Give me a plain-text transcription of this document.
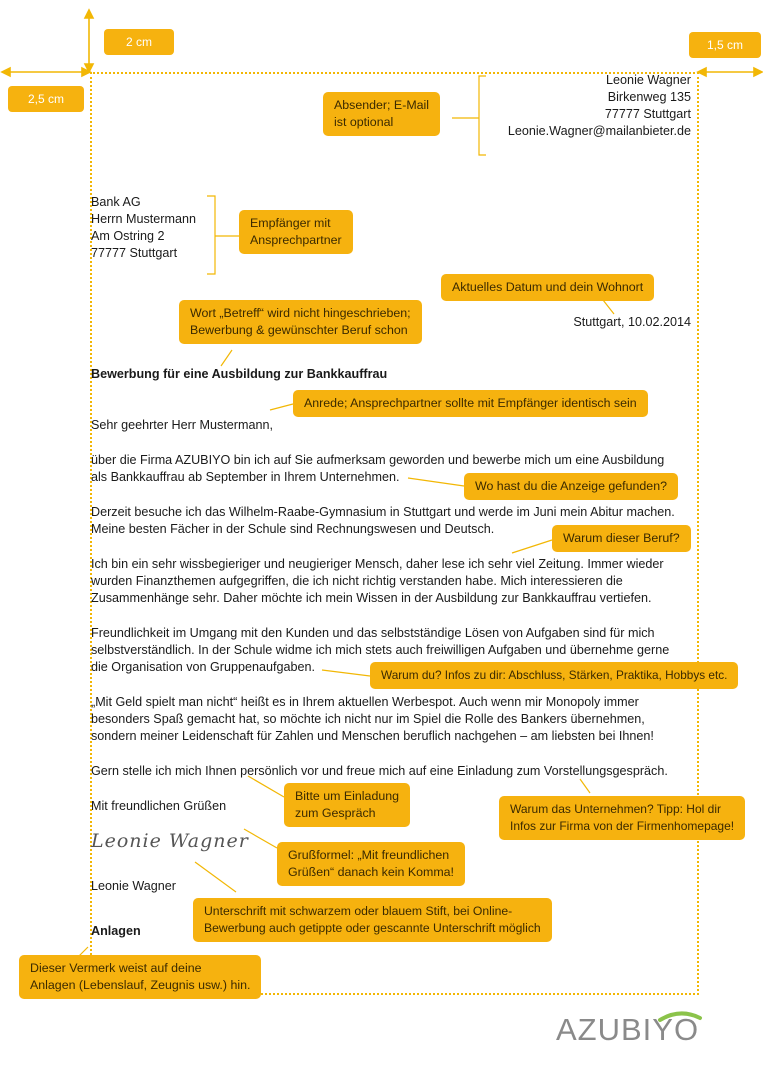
2 cm
2,5 cm
1,5 cm
Leonie Wagner
Birkenweg 135
77777 Stuttgart
Leonie.Wagner@mailanbieter.de
Bank AG
Herrn Mustermann
Am Ostring 2
77777 Stuttgart
Stuttgart, 10.02.2014
Bewerbung für eine Ausbildung zur Bankkauffrau
Sehr geehrter Herr Mustermann,
über die Firma AZUBIYO bin ich auf Sie aufmerksam geworden und bewerbe mich um eine Ausbildung
als Bankkauffrau ab September in Ihrem Unternehmen.
Derzeit besuche ich das Wilhelm-Raabe-Gymnasium in Stuttgart und werde im Juni mein Abitur machen.
Meine besten Fächer in der Schule sind Rechnungswesen und Deutsch.
Ich bin ein sehr wissbegieriger und neugieriger Mensch, daher lese ich sehr viel Zeitung. Immer wieder
wurden Finanzthemen aufgegriffen, die ich nicht richtig verstanden habe. Mich interessieren die
Zusammenhänge sehr. Daher möchte ich mein Wissen in der Ausbildung zur Bankkauffrau vertiefen.
Freundlichkeit im Umgang mit den Kunden und das selbstständige Lösen von Aufgaben sind für mich
selbstverständlich. In der Schule widme ich mich stets auch freiwilligen Aufgaben und übernehme gerne
die Organisation von Gruppenaufgaben.
„Mit Geld spielt man nicht“ heißt es in Ihrem aktuellen Werbespot. Auch wenn mir Monopoly immer
besonders Spaß gemacht hat, so möchte ich nicht nur im Spiel die Rolle des Bankers übernehmen,
sondern meiner Leidenschaft für Zahlen und Menschen beruflich nachgehen – am liebsten bei Ihnen!
Gern stelle ich mich Ihnen persönlich vor und freue mich auf eine Einladung zum Vorstellungsgespräch.
Mit freundlichen Grüßen
Leonie Wagner
Leonie Wagner
Anlagen
Absender; E-Mail
ist optional
Empfänger mit
Ansprechpartner
Aktuelles Datum und dein Wohnort
Wort „Betreff“ wird nicht hingeschrieben;
Bewerbung & gewünschter Beruf schon
Anrede; Ansprechpartner sollte mit Empfänger identisch sein
Wo hast du die Anzeige gefunden?
Warum dieser Beruf?
Warum du? Infos zu dir: Abschluss, Stärken, Praktika, Hobbys etc.
Warum das Unternehmen? Tipp: Hol dir
Infos zur Firma von der Firmenhomepage!
Bitte um Einladung
zum Gespräch
Grußformel: „Mit freundlichen
Grüßen“ danach kein Komma!
Unterschrift mit schwarzem oder blauem Stift, bei Online-
Bewerbung auch getippte oder gescannte Unterschrift möglich
Dieser Vermerk weist auf deine
Anlagen (Lebenslauf, Zeugnis usw.) hin.
AZUBIYO
